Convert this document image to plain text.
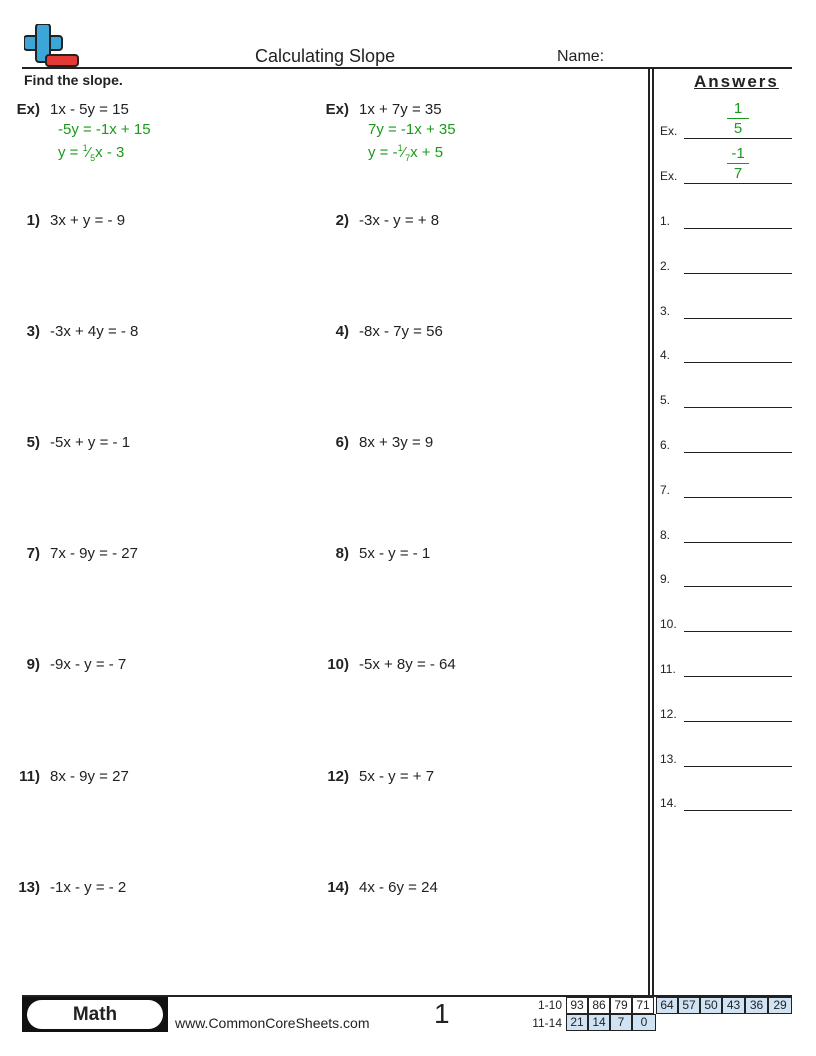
Calculating Slope	Name:
Find the slope.	Answers
Ex) 1x - 5y = 15
-5y = -1x + 15
$y = ^1⁄_5x - 3$
Ex) 1x + 7y = 35
7y = -1x + 35
$y = -^1⁄_7x + 5$
1) 3x + y = - 9	2) -3x - y = + 8
3) -3x + 4y = - 8	4) -8x - 7y = 56
5) -5x + y = - 1	6) 8x + 3y = 9
7) 7x - 9y = - 27	8) 5x - y = - 1
9) -9x - y = - 7	10) -5x + 8y = - 64
11) 8x - 9y = 27	12) 5x - y = + 7
13) -1x - y = - 2	14) 4x - 6y = 24
1
5
Ex.
-1
7
Ex.
1.
2.
3.
4.
5.
6.
7.
8.
9.
10.
11.
12.
13.
14.
Math	www.CommonCoreSheets.com 1	1-10
11-14
93 86 79 71 64 57 50 43 36 29
21 14 7	0
